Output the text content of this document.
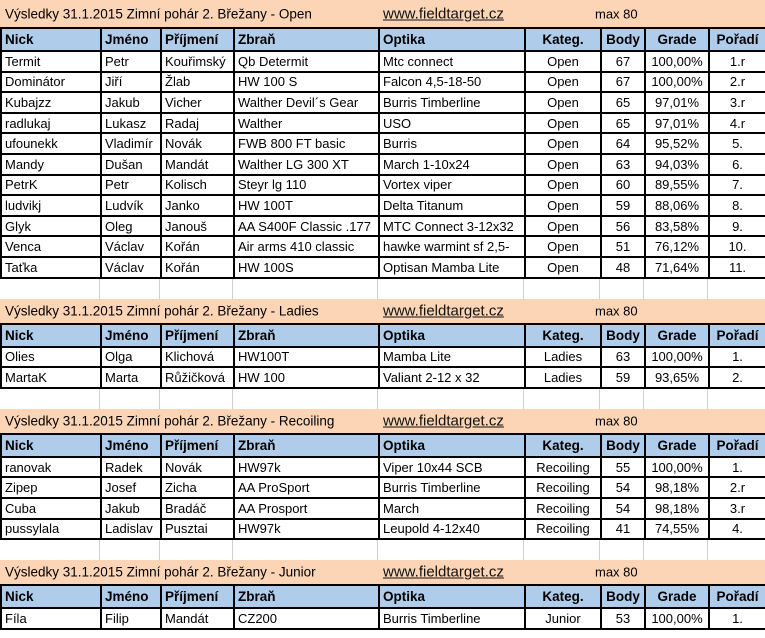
Výsledky 31.1.2015 Zimní pohár 2. Břežany - Open	www.fieldtarget.cz	max 80
Nick	Jméno	Příjmení	Zbraň	Optika	Kateg.	Body	Grade	Pořadí
Termit	Petr	Kouřimský	Qb Determit	Mtc connect	Open	67	100,00%	1.r
Dominátor	Jiří	Žlab	HW 100 S	Falcon 4,5-18-50	Open	67	100,00%	2.r
Kubajzz	Jakub	Vicher	Walther Devil´s Gear	Burris Timberline	Open	65	97,01%	3.r
radlukaj	Lukasz	Radaj	Walther	USO	Open	65	97,01%	4.r
ufounekk	Vladimír	Novák	FWB 800 FT basic	Burris	Open	64	95,52%	5.
Mandy	Dušan	Mandát	Walther LG 300 XT	March 1-10x24	Open	63	94,03%	6.
PetrK	Petr	Kolisch	Steyr lg 110	Vortex viper	Open	60	89,55%	7.
ludvikj	Ludvík	Janko	HW 100T	Delta Titanum	Open	59	88,06%	8.
Glyk	Oleg	Janouš	AA S400F Classic .177	MTC Connect 3-12x32	Open	56	83,58%	9.
Venca	Václav	Kořán	Air arms 410 classic	hawke warmint sf 2,5-	Open	51	76,12%	10.
Taťka	Václav	Kořán	HW 100S	Optisan Mamba Lite	Open	48	71,64%	11.
Výsledky 31.1.2015 Zimní pohár 2. Břežany - Ladies	www.fieldtarget.cz	max 80
Nick	Jméno	Příjmení	Zbraň	Optika	Kateg.	Body	Grade	Pořadí
Olies	Olga	Klichová	HW100T	Mamba Lite	Ladies	63	100,00%	1.
MartaK	Marta	Růžičková	HW 100	Valiant 2-12 x 32	Ladies	59	93,65%	2.
Výsledky 31.1.2015 Zimní pohár 2. Břežany - Recoiling	www.fieldtarget.cz	max 80
Nick	Jméno	Příjmení	Zbraň	Optika	Kateg.	Body	Grade	Pořadí
ranovak	Radek	Novák	HW97k	Viper 10x44 SCB	Recoiling	55	100,00%	1.
Zipep	Josef	Zicha	AA ProSport	Burris Timberline	Recoiling	54	98,18%	2.r
Cuba	Jakub	Bradáč	AA Prosport	March	Recoiling	54	98,18%	3.r
pussylala	Ladislav	Pusztai	HW97k	Leupold 4-12x40	Recoiling	41	74,55%	4.
Výsledky 31.1.2015 Zimní pohár 2. Břežany - Junior	www.fieldtarget.cz	max 80
Nick	Jméno	Příjmení	Zbraň	Optika	Kateg.	Body	Grade	Pořadí
Fíla	Filip	Mandát	CZ200	Burris Timberline	Junior	53	100,00%	1.
